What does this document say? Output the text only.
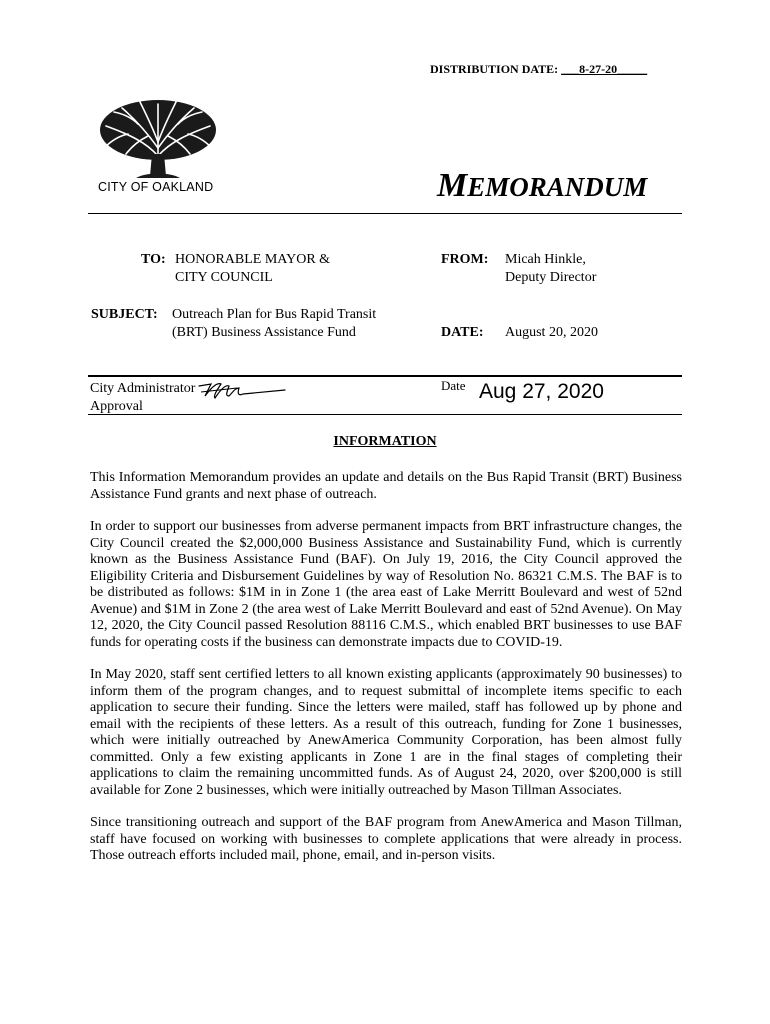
DISTRIBUTION DATE: ___8-27-20_____
CITY OF OAKLAND	MEMORANDUM
TO: HONORABLE MAYOR &
CITY COUNCIL
FROM: Micah Hinkle,
Deputy Director
SUBJECT: Outreach Plan for Bus Rapid Transit
(BRT) Business Assistance Fund	DATE: August 20, 2020
City Administrator
Approval
Date Aug 27, 2020
INFORMATION

This Information Memorandum provides an update and details on the Bus Rapid Transit (BRT) Business Assistance Fund grants and next phase of outreach.

In order to support our businesses from adverse permanent impacts from BRT infrastructure changes, the City Council created the $2,000,000 Business Assistance and Sustainability Fund, which is currently known as the Business Assistance Fund (BAF). On July 19, 2016, the City Council approved the Eligibility Criteria and Disbursement Guidelines by way of Resolution No. 86321 C.M.S. The BAF is to be distributed as follows: $1M in in Zone 1 (the area east of Lake Merritt Boulevard and west of 52nd Avenue) and $1M in Zone 2 (the area west of Lake Merritt Boulevard and east of 52nd Avenue). On May 12, 2020, the City Council passed Resolution 88116 C.M.S., which enabled BRT businesses to use BAF funds for operating costs if the business can demonstrate impacts due to COVID-19.

In May 2020, staff sent certified letters to all known existing applicants (approximately 90 businesses) to inform them of the program changes, and to request submittal of incomplete items specific to each application to secure their funding. Since the letters were mailed, staff has followed up by phone and email with the recipients of these letters. As a result of this outreach, funding for Zone 1 businesses, which were initially outreached by AnewAmerica Community Corporation, has been almost fully committed. Only a few existing applicants in Zone 1 are in the final stages of completing their applications to claim the remaining uncommitted funds. As of August 24, 2020, over $200,000 is still available for Zone 2 businesses, which were initially outreached by Mason Tillman Associates.

Since transitioning outreach and support of the BAF program from AnewAmerica and Mason Tillman, staff have focused on working with businesses to complete applications that were already in process. Those outreach efforts included mail, phone, email, and in-person visits.
